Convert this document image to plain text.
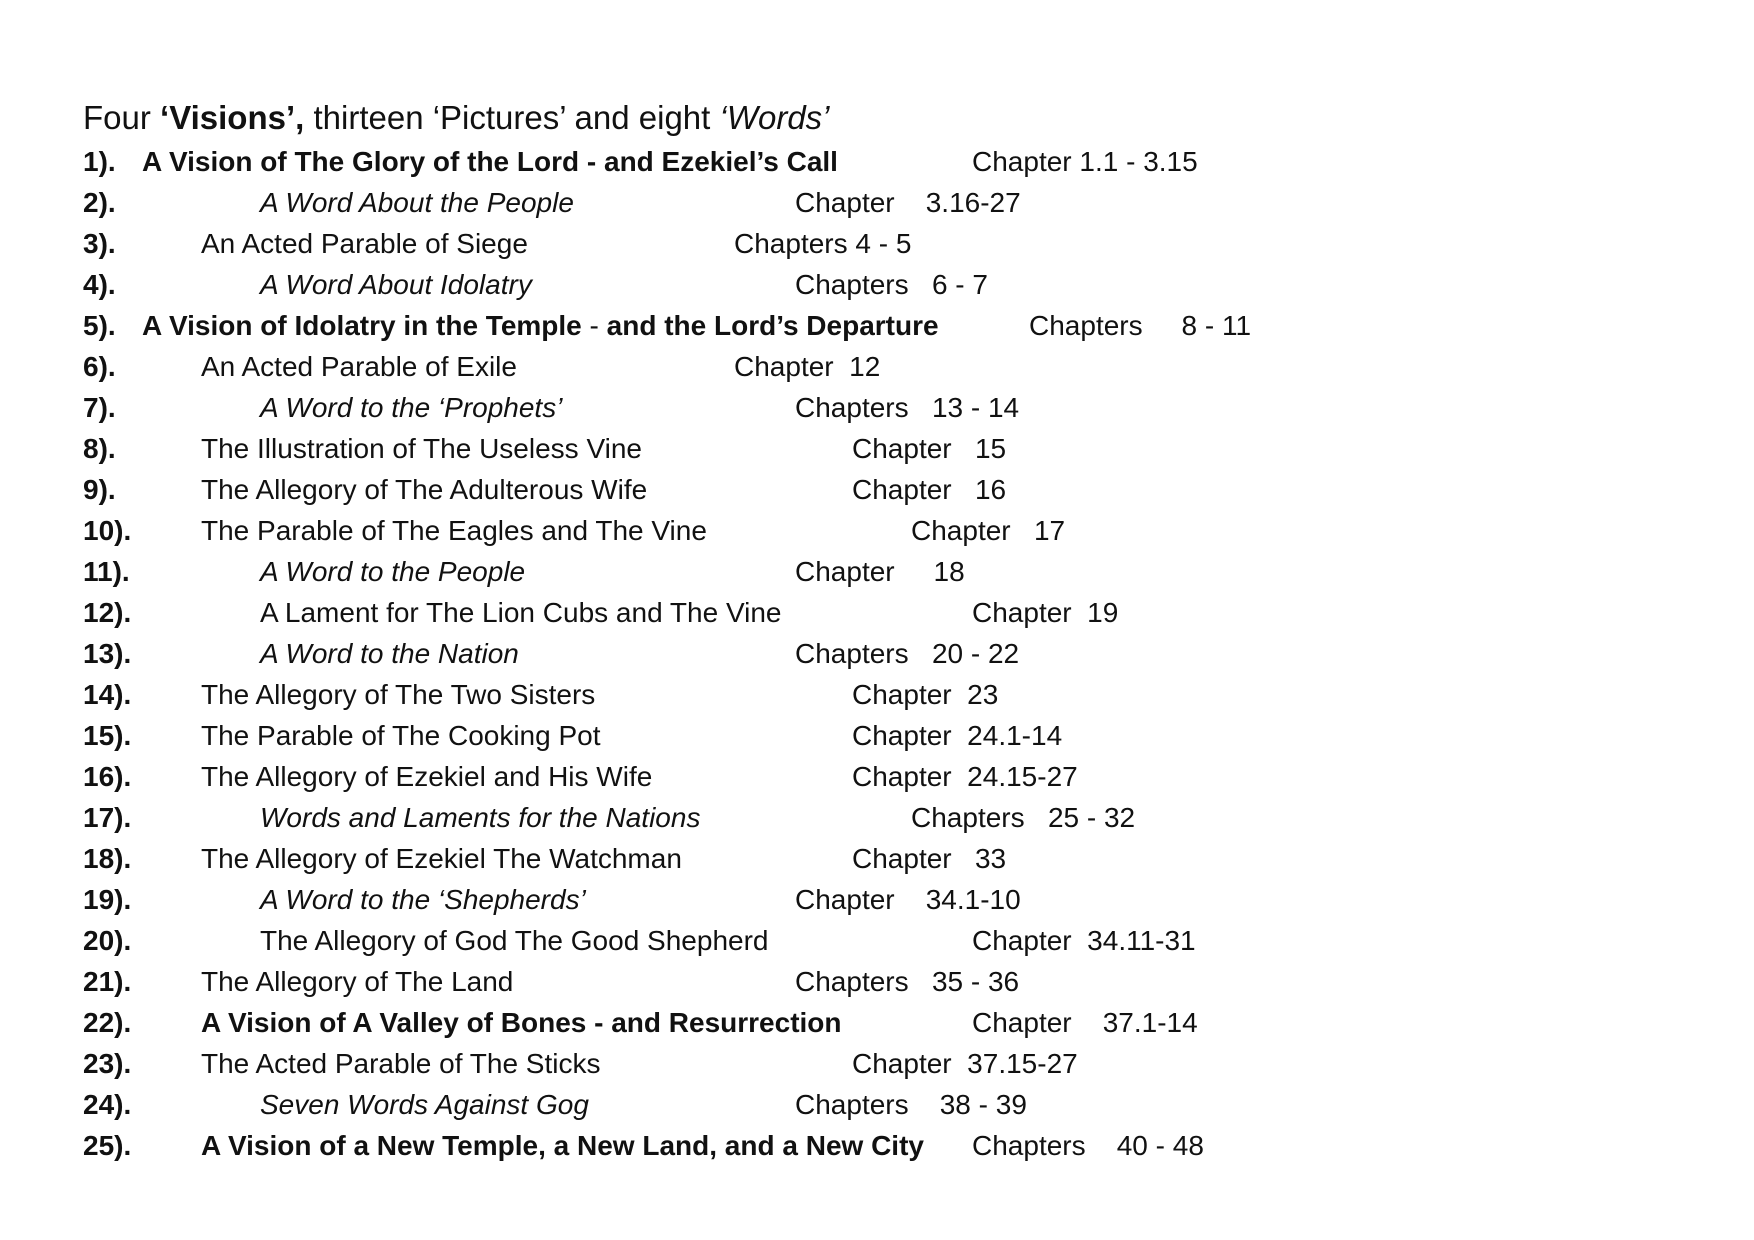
Four ‘Visions’, thirteen ‘Pictures’ and eight ‘Words’
1). A Vision of The Glory of the Lord - and Ezekiel’s Call	Chapter 1.1 - 3.15
2).	A Word About the People	Chapter    3.16-27
3).	An Acted Parable of Siege	Chapters 4 - 5
4).	A Word About Idolatry	Chapters   6 - 7
5). A Vision of Idolatry in the Temple - and the Lord’s Departure	Chapters     8 - 11
6).	An Acted Parable of Exile	Chapter  12
7).	A Word to the ‘Prophets’	Chapters   13 - 14
8).	The Illustration of The Useless Vine	Chapter   15
9).	The Allegory of The Adulterous Wife	Chapter   16
10). The Parable of The Eagles and The Vine	Chapter   17
11).	A Word to the People	Chapter     18
12).	A Lament for The Lion Cubs and The Vine	Chapter  19
13).	A Word to the Nation	Chapters   20 - 22
14). The Allegory of The Two Sisters	Chapter  23
15). The Parable of The Cooking Pot	Chapter  24.1-14
16). The Allegory of Ezekiel and His Wife	Chapter  24.15-27
17).	Words and Laments for the Nations	Chapters   25 - 32
18). The Allegory of Ezekiel The Watchman	Chapter   33
19).	A Word to the ‘Shepherds’	Chapter    34.1-10
20).	The Allegory of God The Good Shepherd	Chapter  34.11-31
21). The Allegory of The Land	Chapters   35 - 36
22). A Vision of A Valley of Bones - and Resurrection	Chapter    37.1-14
23). The Acted Parable of The Sticks	Chapter  37.15-27
24).	Seven Words Against Gog	Chapters    38 - 39
25). A Vision of a New Temple, a New Land, and a New City Chapters    40 - 48
